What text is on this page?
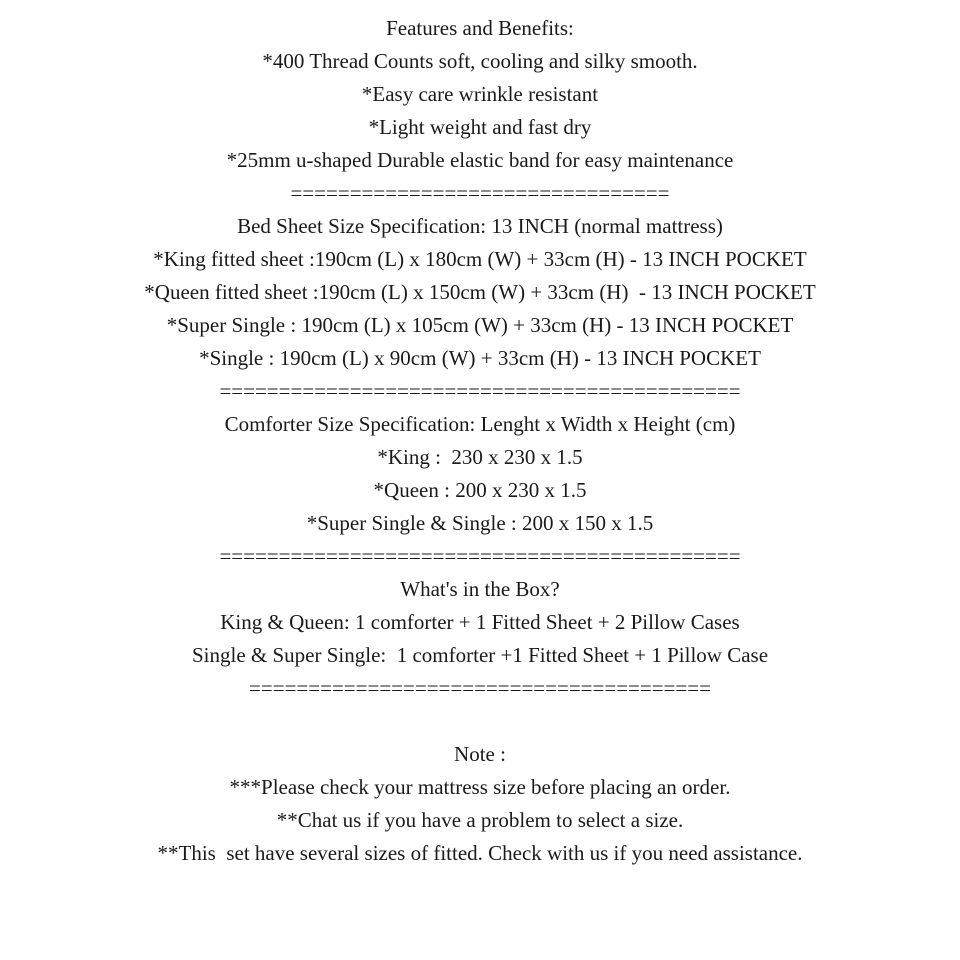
Features and Benefits:

*400 Thread Counts soft, cooling and silky smooth.

*Easy care wrinkle resistant

*Light weight and fast dry

*25mm u-shaped Durable elastic band for easy maintenance

================================

Bed Sheet Size Specification: 13 INCH (normal mattress)

*King fitted sheet :190cm (L) x 180cm (W) + 33cm (H) - 13 INCH POCKET

*Queen fitted sheet :190cm (L) x 150cm (W) + 33cm (H)  - 13 INCH POCKET

*Super Single : 190cm (L) x 105cm (W) + 33cm (H) - 13 INCH POCKET

*Single : 190cm (L) x 90cm (W) + 33cm (H) - 13 INCH POCKET

============================================

Comforter Size Specification: Lenght x Width x Height (cm)

*King :  230 x 230 x 1.5

*Queen : 200 x 230 x 1.5

*Super Single & Single : 200 x 150 x 1.5

============================================

What's in the Box?

King & Queen: 1 comforter + 1 Fitted Sheet + 2 Pillow Cases

Single & Super Single:  1 comforter +1 Fitted Sheet + 1 Pillow Case

=======================================

Note :

***Please check your mattress size before placing an order.

**Chat us if you have a problem to select a size.

**This  set have several sizes of fitted. Check with us if you need assistance.
